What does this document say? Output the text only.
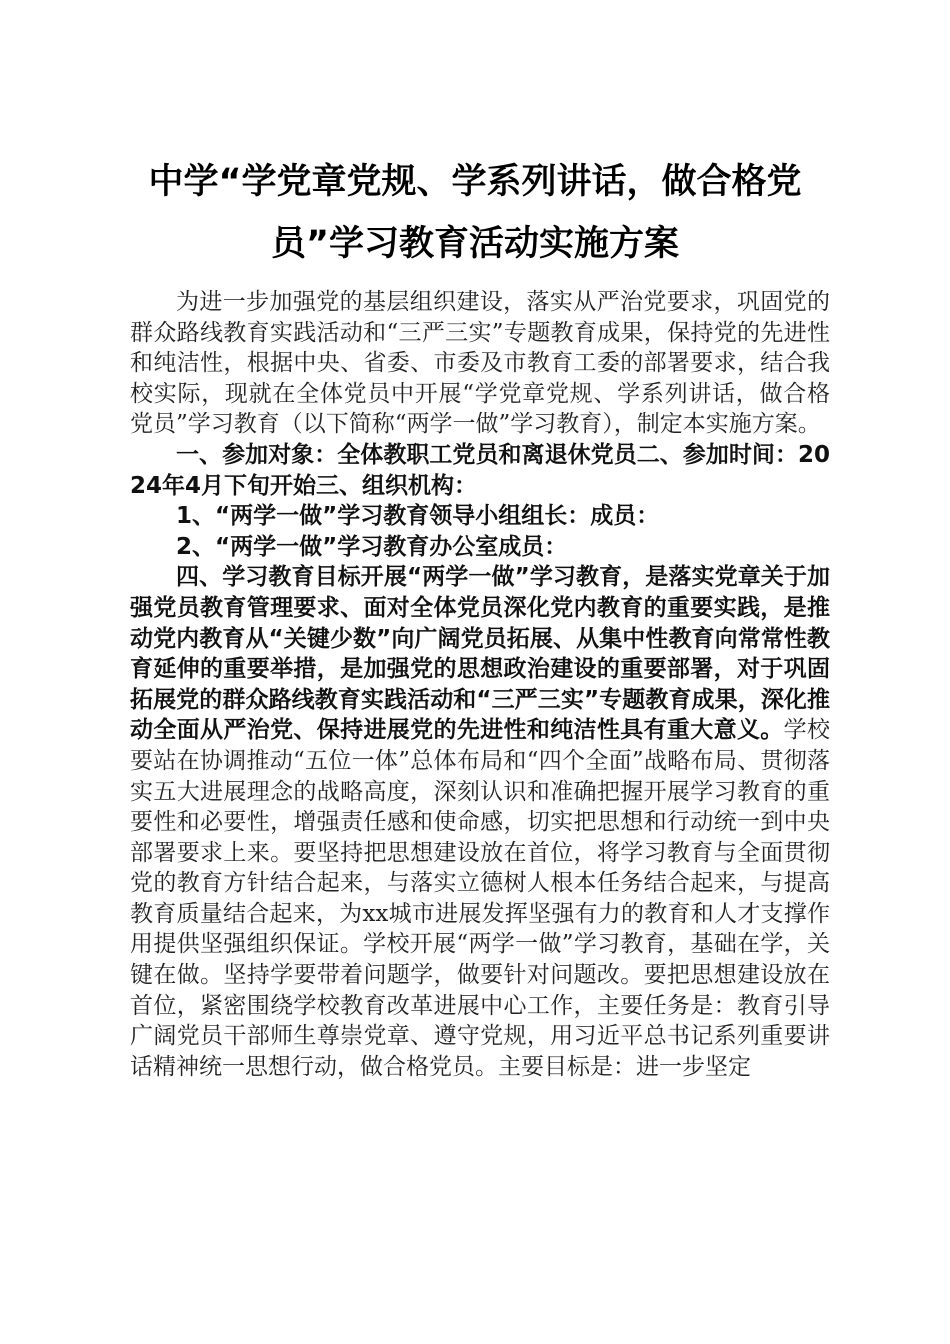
中学“学党章党规、学系列讲话，做合格党
员”学习教育活动实施方案

为进一步加强党的基层组织建设，落实从严治党要求，巩固党的群众路线教育实践活动和“三严三实”专题教育成果，保持党的先进性和纯洁性，根据中央、省委、市委及市教育工委的部署要求，结合我校实际，现就在全体党员中开展“学党章党规、学系列讲话，做合格党员”学习教育（以下简称“两学一做”学习教育），制定本实施方案。

一、参加对象：全体教职工党员和离退休党员二、参加时间：2024年4月下旬开始三、组织机构：

1、“两学一做”学习教育领导小组组长：成员：

2、“两学一做”学习教育办公室成员：

四、学习教育目标开展“两学一做”学习教育，是落实党章关于加强党员教育管理要求、面对全体党员深化党内教育的重要实践，是推动党内教育从“关键少数”向广阔党员拓展、从集中性教育向常常性教育延伸的重要举措，是加强党的思想政治建设的重要部署，对于巩固拓展党的群众路线教育实践活动和“三严三实”专题教育成果，深化推动全面从严治党、保持进展党的先进性和纯洁性具有重大意义。学校要站在协调推动“五位一体”总体布局和“四个全面”战略布局、贯彻落实五大进展理念的战略高度，深刻认识和准确把握开展学习教育的重要性和必要性，增强责任感和使命感，切实把思想和行动统一到中央部署要求上来。要坚持把思想建设放在首位，将学习教育与全面贯彻党的教育方针结合起来，与落实立德树人根本任务结合起来，与提高教育质量结合起来，为xx城市进展发挥坚强有力的教育和人才支撑作用提供坚强组织保证。学校开展“两学一做”学习教育，基础在学，关键在做。坚持学要带着问题学，做要针对问题改。要把思想建设放在首位，紧密围绕学校教育改革进展中心工作，主要任务是：教育引导广阔党员干部师生尊崇党章、遵守党规，用习近平总书记系列重要讲话精神统一思想行动，做合格党员。主要目标是：进一步坚定
